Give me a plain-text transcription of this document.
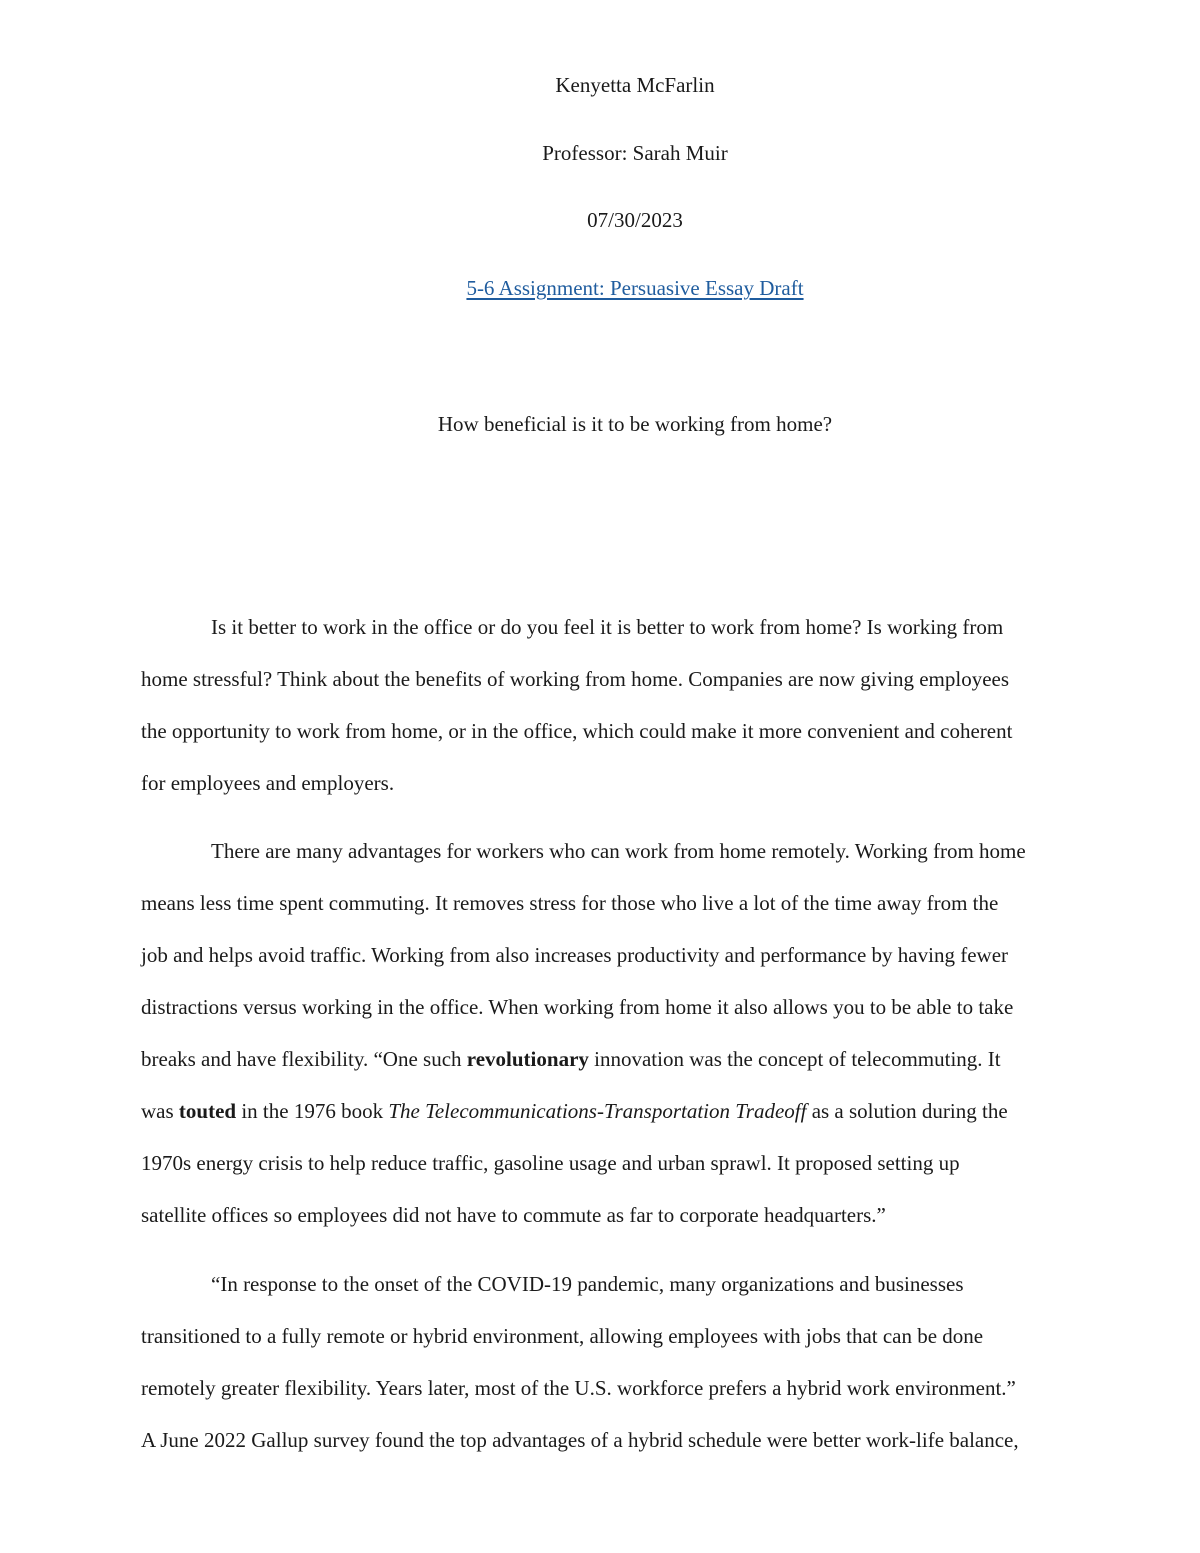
Kenyetta McFarlin
Professor: Sarah Muir
07/30/2023
5-6 Assignment: Persuasive Essay Draft
How beneficial is it to be working from home?
Is it better to work in the office or do you feel it is better to work from home? Is working from
home stressful? Think about the benefits of working from home. Companies are now giving employees
the opportunity to work from home, or in the office, which could make it more convenient and coherent
for employees and employers.
There are many advantages for workers who can work from home remotely. Working from home
means less time spent commuting. It removes stress for those who live a lot of the time away from the
job and helps avoid traffic. Working from also increases productivity and performance by having fewer
distractions versus working in the office. When working from home it also allows you to be able to take
breaks and have flexibility. “One such revolutionary innovation was the concept of telecommuting. It
was touted in the 1976 book The Telecommunications-Transportation Tradeoff as a solution during the
1970s energy crisis to help reduce traffic, gasoline usage and urban sprawl. It proposed setting up
satellite offices so employees did not have to commute as far to corporate headquarters.”
“In response to the onset of the COVID-19 pandemic, many organizations and businesses
transitioned to a fully remote or hybrid environment, allowing employees with jobs that can be done
remotely greater flexibility. Years later, most of the U.S. workforce prefers a hybrid work environment.”
A June 2022 Gallup survey found the top advantages of a hybrid schedule were better work-life balance,
